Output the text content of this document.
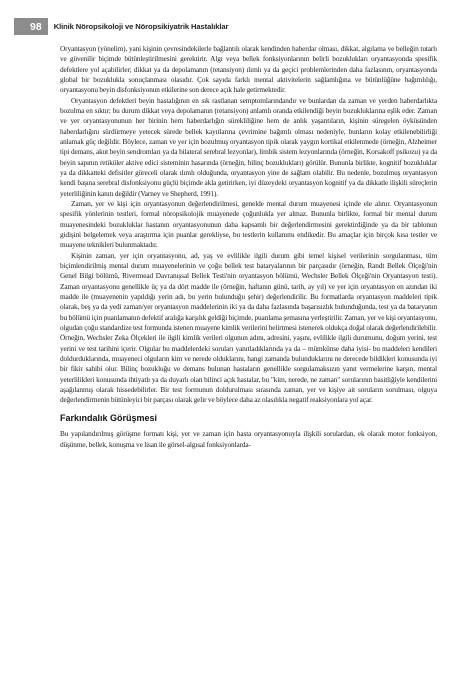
98	Klinik Nöropsikoloji ve Nöropsikiyatrik Hastalıklar

Oryantasyon (yönelim), yani kişinin çevresindekilerle bağlantılı olarak kendinden haberdar olması, dikkat, algılama ve belleğin tutarlı ve güvenilir biçimde bütünleştirilmesini gerektirir. Algı veya bellek fonksiyonlarının belirli bozuklukları oryantasyonda spesifik defektlere yol açabilirler; dikkat ya da depolamanın (retansiyon) ılımlı ya da geçici problemlerinden daha fazlasının, oryantasyonda global bir bozuklukla sonuçlanması olasıdır. Çok sayıda farklı mental aktivitelerin sağlamlığına ve bütünlüğüne bağımlılığı, oryantasyonu beyin disfonksiyonun etkilerine son derece açık hale getirmektedir.

Oryantasyon defektleri beyin hastalığının en sık rastlanan semptomlarındandır ve bunlardan da zaman ve yerden haberdarlıkta bozulma en sıktır; bu durum dikkat veya depolamanın (retansiyon) anlamlı oranda etkilendiği beyin bozukluklarına eşlik eder. Zaman ve yer oryantasyonunun her birinin hem haberdarlığın sürekliliğine hem de anlık yaşantıların, kişinin süregelen öyküsünden haberdarlığını sürdürmeye yetecek sürede bellek kayıtlarına çevrimine bağımlı olması nedeniyle, bunların kolay etkilenebilirliği anlamak güç değildir. Böylece, zaman ve yer için bozulmuş oryantasyon tipik olarak yaygın kortikal etkilenmede (örneğin, Alzheimer tipi demans, akut beyin sendromları ya da bilateral serebral lezyonlar), limbik sistem lezyonlarında (örneğin, Korsakoff psikozu) ya da beyin sapının retiküler aktive edici sisteminin hasarında (örneğin, bilinç bozuklukları) görülür. Bununla birlikte, kognitif bozukluklar ya da dikkatteki defisitler göreceli olarak ılımlı olduğunda, oryantasyon yine de sağlam olabilir. Bu nedenle, bozulmuş oryantasyon kendi başına serebral disfonksiyonu güçlü biçimde akla getirirken, iyi düzeydeki oryantasyon kognitif ya da dikkatle ilişkili süreçlerin yeterliliğinin kanıtı değildir (Varney ve Shepherd, 1991).

Zaman, yer ve kişi için oryantasyonun değerlendirilmesi, genelde mental durum muayenesi içinde ele alınır. Oryantasyonun spesifik yönlerinin testleri, formal nöropsikolojik muayenede çoğunlukla yer almaz. Bununla birlikte, formal bir mental durum muayenesindeki bozukluklar hastanın oryantasyonunun daha kapsamlı bir değerlendirmesini gerektirdiğinde ya da bir tablonun gidişini belgelemek veya araştırma için puanlar gerekliyse, bu testlerin kullanımı endikedir. Bu amaçlar için birçok kısa testler ve muayene teknikleri bulunmaktadır.

Kişinin zaman, yer için oryantasyonu, ad, yaş ve evlilikle ilgili durum gibi temel kişisel verilerinin sorgulanması, tüm biçimlendirilmiş mental durum muayenelerinin ve çoğu bellek test bataryalarının bir parçasıdır (örneğin, Randt Bellek Ölçeği'nin Genel Bilgi bölümü, Rivermead Davranışsal Bellek Testi'nin oryantasyon bölümü, Wechsler Bellek Ölçeği'nin Oryantasyon testi). Zaman oryantasyonu genellikle üç ya da dört madde ile (örneğin, haftanın günü, tarih, ay yıl) ve yer için oryantasyon en azından iki madde ile (muayenenin yapıldığı yerin adı, bu yerin bulunduğu şehir) değerlendirilir. Bu formatlarda oryantasyon maddeleri tipik olarak, beş ya da yedi zaman/yer oryantasyon maddelerinin iki ya da daha fazlasında başarısızlık bulunduğunda, test ya da bataryanın bu bölümü için puanlamanın defektif aralığa karşılık geldiği biçimde, puanlama şemasına yerleştirilir. Zaman, yer ve kişi oryantasyonu, olgudan çoğu standardize test formunda istenen muayene kimlik verilerini belirtmesi istenerek oldukça doğal olarak değerlendirilebilir. Örneğin, Wechsler Zeka Ölçekleri ile ilgili kimlik verileri olgunun adını, adresini, yaşını, evlilikle ilgili durumunu, doğum yerini, test yerini ve test tarihini içerir. Olgular bu maddelerdeki soruları yanıtladıklarında ya da – mümkünse daha iyisi- bu maddeleri kendileri doldurduklarında, muayeneci olguların kim ve nerede olduklarını, hangi zamanda bulunduklarını ne derecede bildikleri konusunda iyi bir fikir sahibi olur. Bilinç bozukluğu ve demans bulunan hastaların genellikle sorgulamaksızın yanıt vermelerine karşın, mental yeterlilikleri konusunda ihtiyatlı ya da duyarlı olan bilinci açık hastalar, bu "kim, nerede, ne zaman" sorularının basitliğiyle kendilerini aşağılanmış olarak hissedebilirler. Bir test formunun doldurulması sırasında zaman, yer ve kişiye ait soruların sorulması, olguya değerlendirmenin bütünleyici bir parçası olarak gelir ve böylece daha az olasılıkla negatif reaksiyonlara yol açar.

Farkındalık Görüşmesi

Bu yapılandırılmış görüşme formatı kişi, yer ve zaman için hasta oryantasyonuyla ilişkili sorulardan, ek olarak motor fonksiyon, düşünme, bellek, konuşma ve lisan ile görsel-algısal fonksiyonlarda-
